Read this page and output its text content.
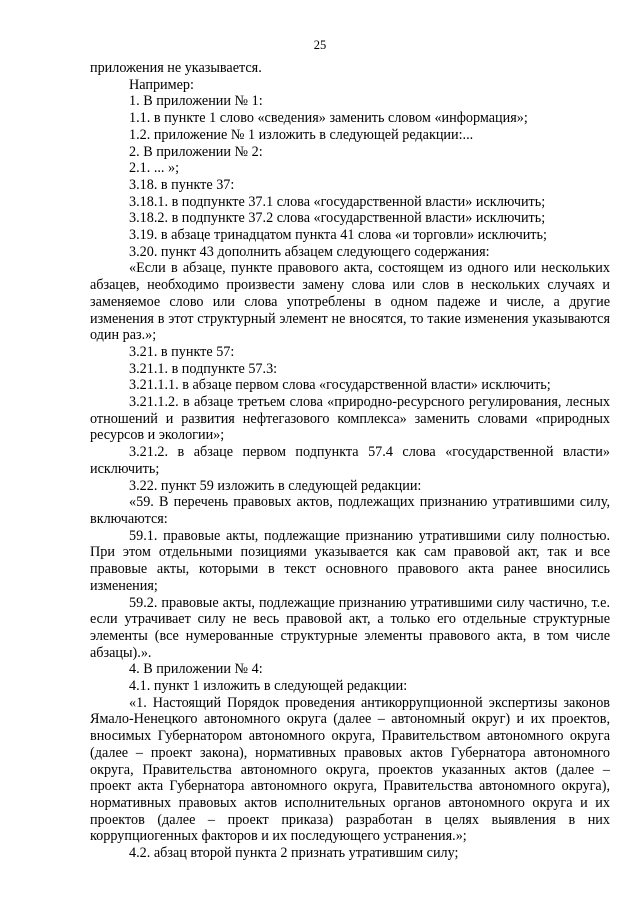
25

приложения не указывается.

Например:

1. В приложении № 1:

1.1. в пункте 1 слово «сведения» заменить словом «информация»;

1.2. приложение № 1 изложить в следующей редакции:...

2. В приложении № 2:

2.1. ... »;

3.18. в пункте 37:

3.18.1. в подпункте 37.1 слова «государственной власти» исключить;

3.18.2. в подпункте 37.2 слова «государственной власти» исключить;

3.19. в абзаце тринадцатом пункта 41 слова «и торговли» исключить;

3.20. пункт 43 дополнить абзацем следующего содержания:

«Если в абзаце, пункте правового акта, состоящем из одного или нескольких абзацев, необходимо произвести замену слова или слов в нескольких случаях и заменяемое слово или слова употреблены в одном падеже и числе, а другие изменения в этот структурный элемент не вносятся, то такие изменения указываются один раз.»;

3.21. в пункте 57:

3.21.1. в подпункте 57.3:

3.21.1.1. в абзаце первом слова «государственной власти» исключить;

3.21.1.2. в абзаце третьем слова «природно-ресурсного регулирования, лесных отношений и развития нефтегазового комплекса» заменить словами «природных ресурсов и экологии»;

3.21.2. в абзаце первом подпункта 57.4 слова «государственной власти» исключить;

3.22. пункт 59 изложить в следующей редакции:

«59. В перечень правовых актов, подлежащих признанию утратившими силу, включаются:

59.1. правовые акты, подлежащие признанию утратившими силу полностью. При этом отдельными позициями указывается как сам правовой акт, так и все правовые акты, которыми в текст основного правового акта ранее вносились изменения;

59.2. правовые акты, подлежащие признанию утратившими силу частично, т.е. если утрачивает силу не весь правовой акт, а только его отдельные структурные элементы (все нумерованные структурные элементы правового акта, в том числе абзацы).».

4. В приложении № 4:

4.1. пункт 1 изложить в следующей редакции:

«1. Настоящий Порядок проведения антикоррупционной экспертизы законов Ямало-Ненецкого автономного округа (далее – автономный округ) и их проектов, вносимых Губернатором автономного округа, Правительством автономного округа (далее – проект закона), нормативных правовых актов Губернатора автономного округа, Правительства автономного округа, проектов указанных актов (далее – проект акта Губернатора автономного округа, Правительства автономного округа), нормативных правовых актов исполнительных органов автономного округа и их проектов (далее – проект приказа) разработан в целях выявления в них коррупциогенных факторов и их последующего устранения.»;

4.2. абзац второй пункта 2 признать утратившим силу;
